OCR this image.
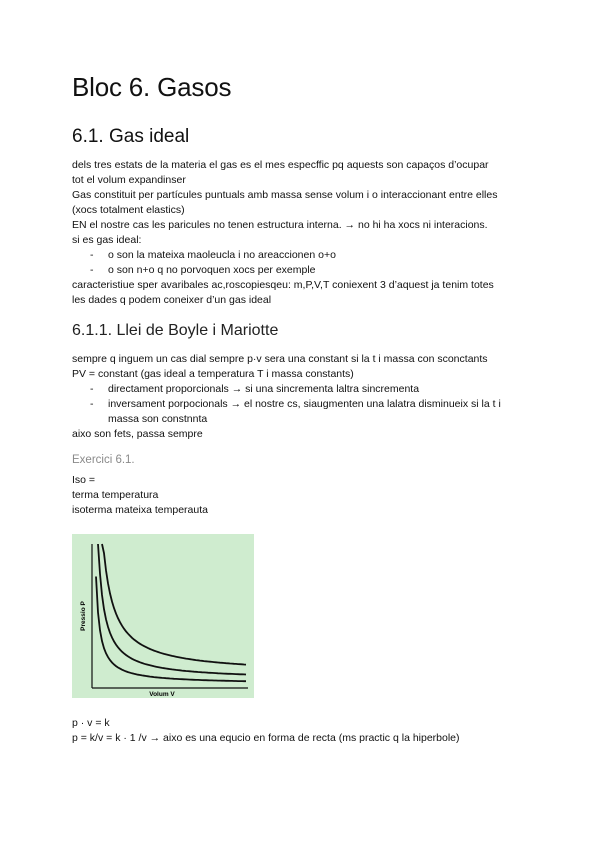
Bloc 6. Gasos
6.1. Gas ideal

dels tres estats de la materia el gas es el mes especffic pq aquests son capaços d’ocupar

tot el volum expandinser

Gas constituit per partícules puntuals amb massa sense volum i o interaccionant entre elles

(xocs totalment elastics)

EN el nostre cas les paricules no tenen estructura interna. → no hi ha xocs ni interacions.

si es gas ideal:

- o son la mateixa maoleucla i no areaccionen o+o
- o son n+o q no porvoquen xocs per exemple

caracteristiue sper avaribales ac,roscopiesqeu: m,P,V,T coniexent 3 d’aquest ja tenim totes

les dades q podem coneixer d’un gas ideal

6.1.1. Llei de Boyle i Mariotte

sempre q inguem un cas dial sempre p·v sera una constant si la t i massa con sconctants

PV = constant (gas ideal a temperatura T i massa constants)

- directament proporcionals → si una sincrementa laltra sincrementa
- inversament porpocionals → el nostre cs, siaugmenten una lalatra disminueix si la t i massa son constnnta

aixo son fets, passa sempre

Exercici 6.1.

Iso =

terma temperatura

isoterma mateixa temperauta

Pressio P
Volum V

p · v = k

p = k/v = k · 1 /v → aixo es una equcio en forma de recta (ms practic q la hiperbole)
